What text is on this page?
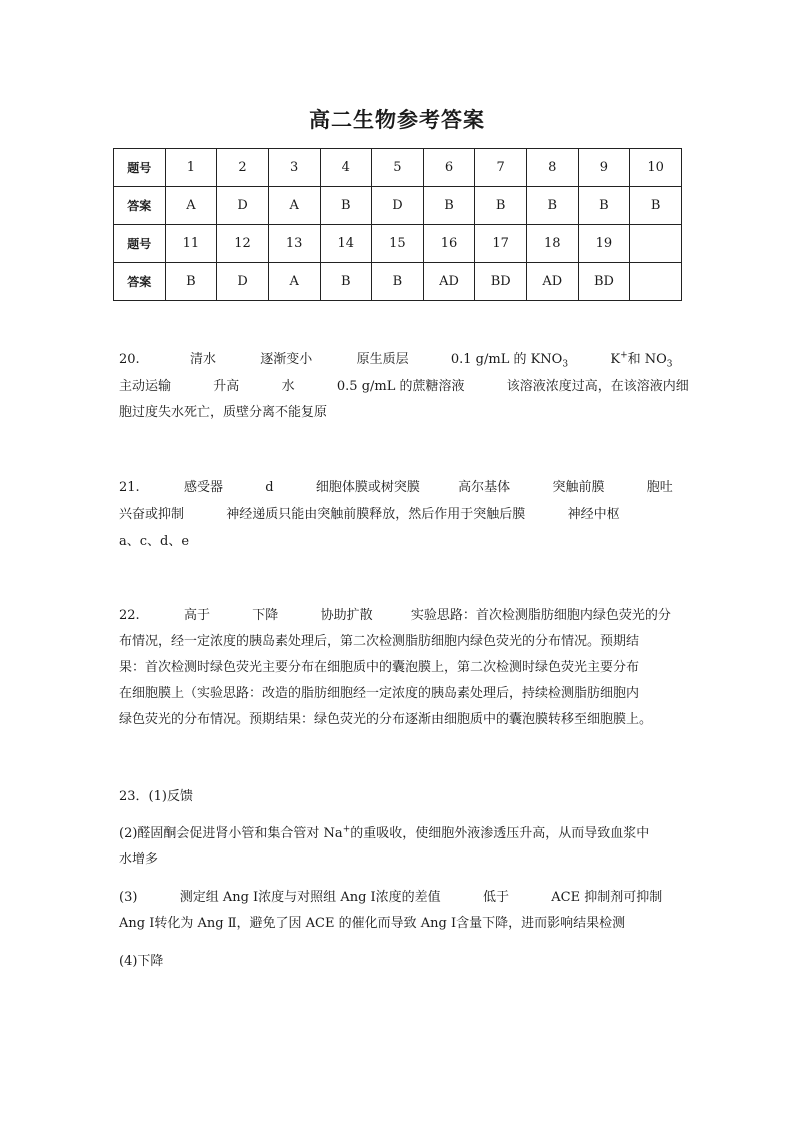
高二生物参考答案
题号	1	2	3	4	5	6	7	8	9	10
答案	A	D	A	B	D	B	B	B	B	B
题号	11	12	13	14	15	16	17	18	19	
答案	B	D	A	B	B	AD	BD	AD	BD	
20.	清水	逐渐变小	原生质层	0.1 g/mL 的 $KNO_3$	K+和 $NO_3$
主动运输	升高	水	0.5 g/mL 的蔗糖溶液	该溶液浓度过高，在该溶液内细
胞过度失水死亡，质壁分离不能复原
21.	感受器	d	细胞体膜或树突膜	高尔基体	突触前膜	胞吐
兴奋或抑制	神经递质只能由突触前膜释放，然后作用于突触后膜	神经中枢
a、c、d、e
22.	高于	下降	协助扩散	实验思路：首次检测脂肪细胞内绿色荧光的分
布情况，经一定浓度的胰岛素处理后，第二次检测脂肪细胞内绿色荧光的分布情况。预期结
果：首次检测时绿色荧光主要分布在细胞质中的囊泡膜上，第二次检测时绿色荧光主要分布
在细胞膜上（实验思路：改造的脂肪细胞经一定浓度的胰岛素处理后，持续检测脂肪细胞内
绿色荧光的分布情况。预期结果：绿色荧光的分布逐渐由细胞质中的囊泡膜转移至细胞膜上。
23．(1)反馈
(2)醛固酮会促进肾小管和集合管对 Na+的重吸收，使细胞外液渗透压升高，从而导致血浆中
水增多
(3)	测定组 Ang Ⅰ浓度与对照组 Ang Ⅰ浓度的差值	低于	ACE 抑制剂可抑制
Ang Ⅰ转化为 Ang Ⅱ，避免了因 ACE 的催化而导致 Ang Ⅰ含量下降，进而影响结果检测
(4)下降
